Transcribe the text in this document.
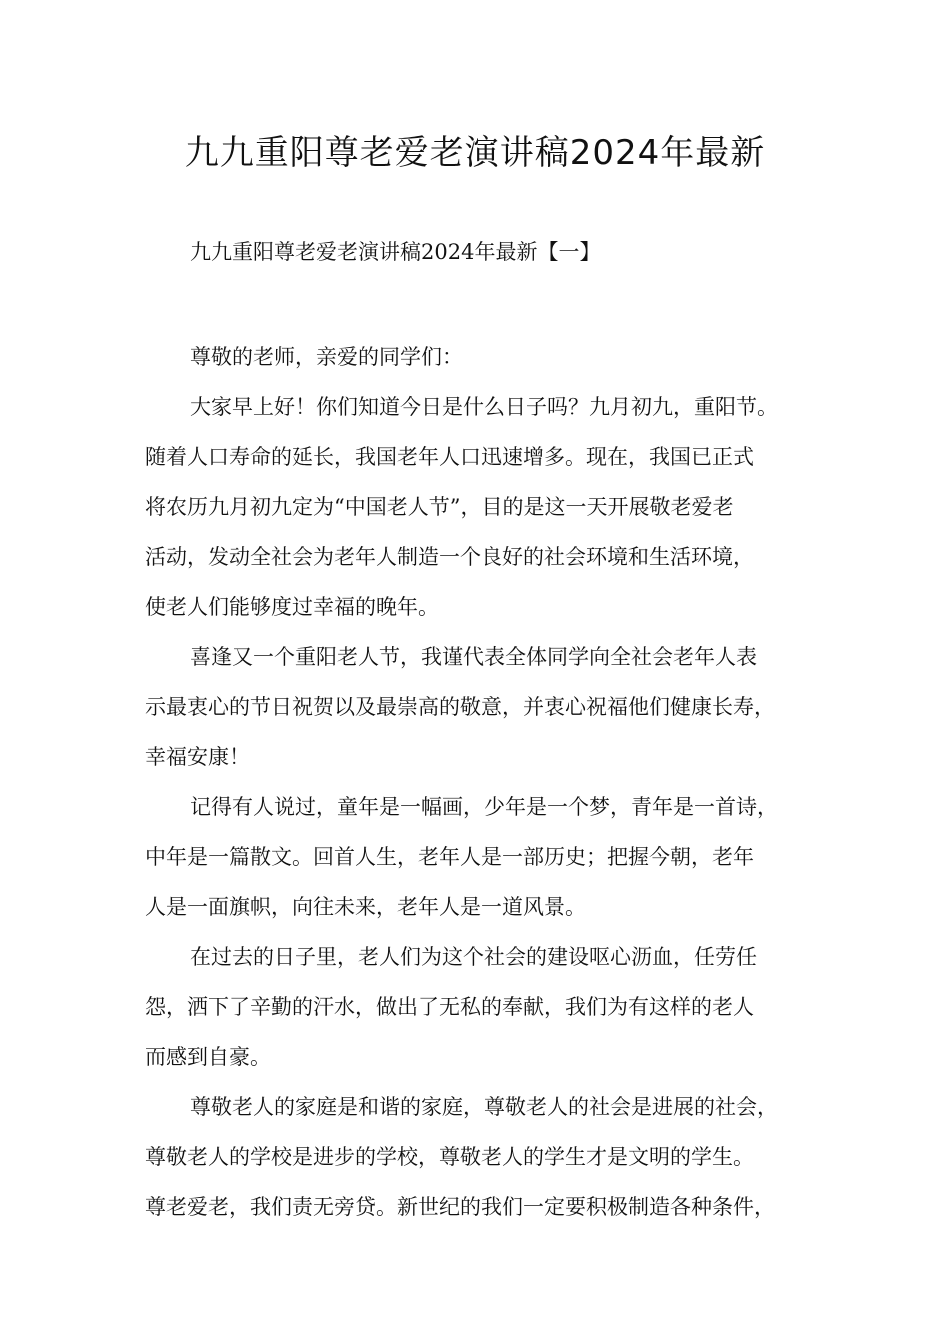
九九重阳尊老爱老演讲稿2024年最新

九九重阳尊老爱老演讲稿2024年最新【一】

尊敬的老师，亲爱的同学们：
大家早上好！你们知道今日是什么日子吗？九月初九，重阳节。
随着人口寿命的延长，我国老年人口迅速增多。现在，我国已正式
将农历九月初九定为“中国老人节”，目的是这一天开展敬老爱老
活动，发动全社会为老年人制造一个良好的社会环境和生活环境，
使老人们能够度过幸福的晚年。
喜逢又一个重阳老人节，我谨代表全体同学向全社会老年人表
示最衷心的节日祝贺以及最崇高的敬意，并衷心祝福他们健康长寿，
幸福安康！
记得有人说过，童年是一幅画，少年是一个梦，青年是一首诗，
中年是一篇散文。回首人生，老年人是一部历史；把握今朝，老年
人是一面旗帜，向往未来，老年人是一道风景。
在过去的日子里，老人们为这个社会的建设呕心沥血，任劳任
怨，洒下了辛勤的汗水，做出了无私的奉献，我们为有这样的老人
而感到自豪。
尊敬老人的家庭是和谐的家庭，尊敬老人的社会是进展的社会，
尊敬老人的学校是进步的学校，尊敬老人的学生才是文明的学生。
尊老爱老，我们责无旁贷。新世纪的我们一定要积极制造各种条件，
